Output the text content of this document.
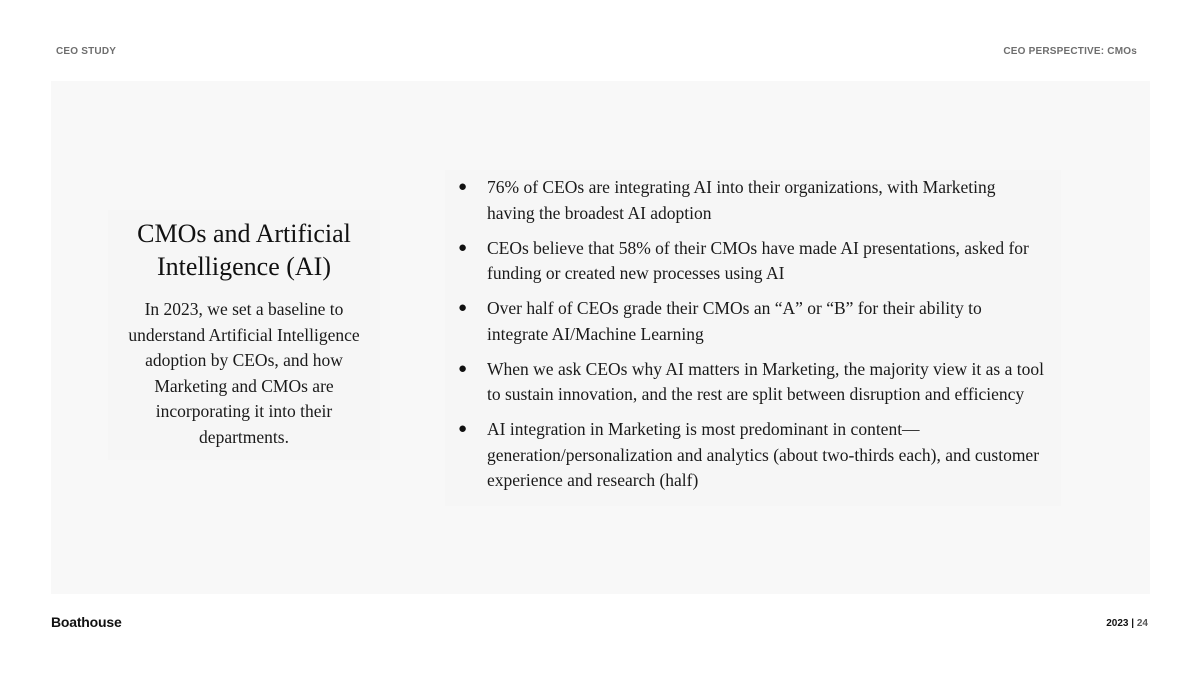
CEO STUDY	CEO PERSPECTIVE: CMOs
CMOs and Artificial Intelligence (AI)

In 2023, we set a baseline to understand Artificial Intelligence adoption by CEOs, and how Marketing and CMOs are incorporating it into their departments.

● 76% of CEOs are integrating AI into their organizations, with Marketing having the broadest AI adoption
● CEOs believe that 58% of their CMOs have made AI presentations, asked for funding or created new processes using AI
● Over half of CEOs grade their CMOs an “A” or “B” for their ability to integrate AI/Machine Learning
● When we ask CEOs why AI matters in Marketing, the majority view it as a tool to sustain innovation, and the rest are split between disruption and efficiency
● AI integration in Marketing is most predominant in content—generation/personalization and analytics (about two-thirds each), and customer experience and research (half)
Boathouse	2023 | 24
